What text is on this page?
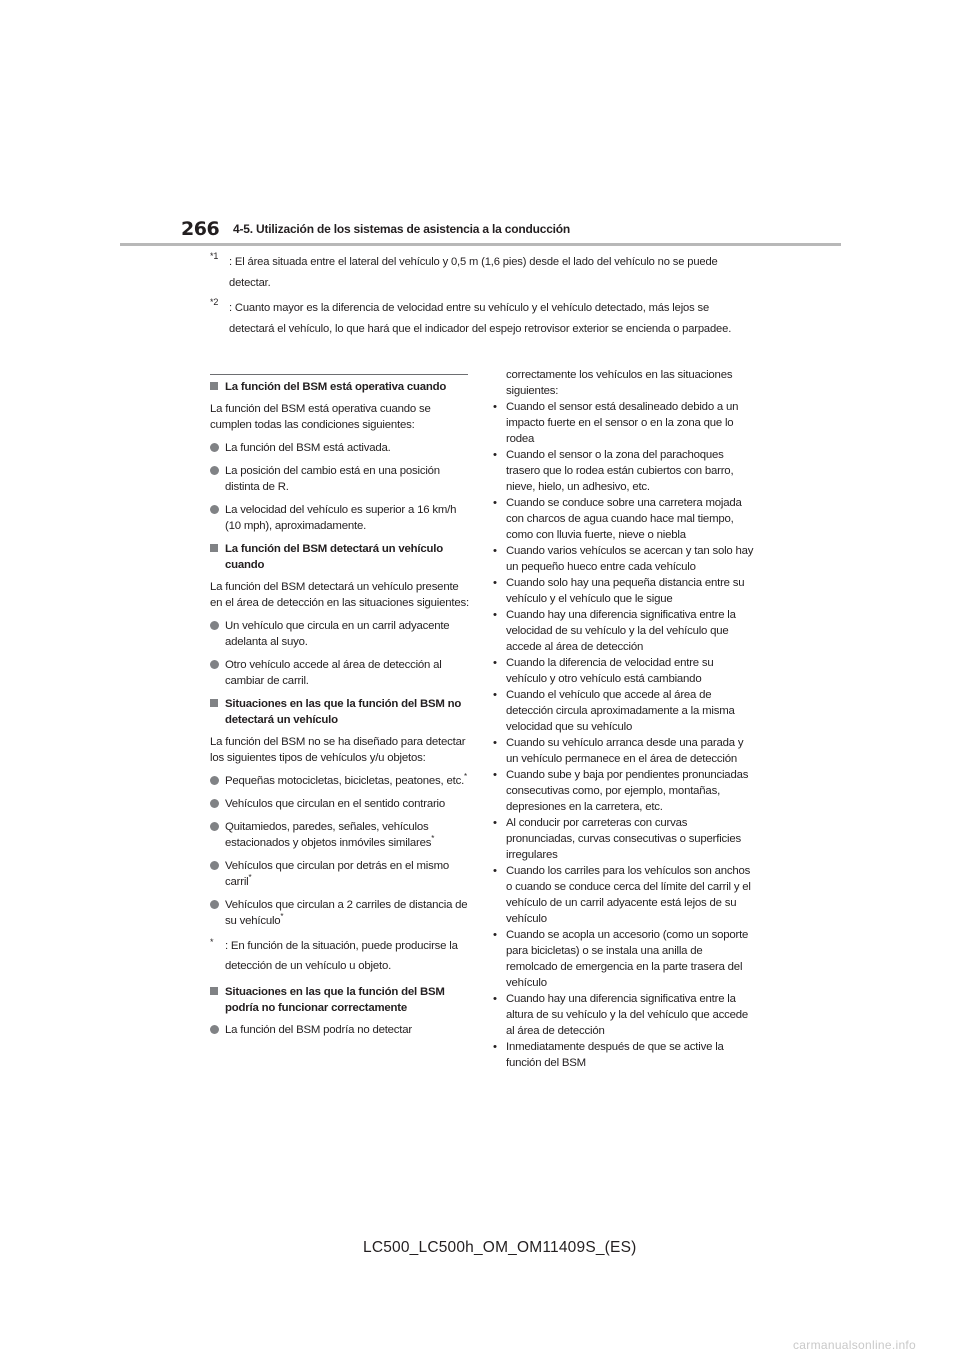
266 4-5. Utilización de los sistemas de asistencia a la conducción
*1 : El área situada entre el lateral del vehículo y 0,5 m (1,6 pies) desde el lado del vehículo no se puede detectar.
*2 : Cuanto mayor es la diferencia de velocidad entre su vehículo y el vehículo detectado, más lejos se detectará el vehículo, lo que hará que el indicador del espejo retrovisor exterior se encienda o parpadee.
La función del BSM está operativa cuando
La función del BSM está operativa cuando se cumplen todas las condiciones siguientes:
La función del BSM está activada.
La posición del cambio está en una posición distinta de R.
La velocidad del vehículo es superior a 16 km/h (10 mph), aproximadamente.
La función del BSM detectará un vehículo cuando
La función del BSM detectará un vehículo presente en el área de detección en las situaciones siguientes:
Un vehículo que circula en un carril adyacente adelanta al suyo.
Otro vehículo accede al área de detección al cambiar de carril.
Situaciones en las que la función del BSM no detectará un vehículo
La función del BSM no se ha diseñado para detectar los siguientes tipos de vehículos y/u objetos:
Pequeñas motocicletas, bicicletas, peatones, etc.*
Vehículos que circulan en el sentido contrario
Quitamiedos, paredes, señales, vehículos estacionados y objetos inmóviles similares*
Vehículos que circulan por detrás en el mismo carril*
Vehículos que circulan a 2 carriles de distancia de su vehículo*
* : En función de la situación, puede producirse la detección de un vehículo u objeto.
Situaciones en las que la función del BSM podría no funcionar correctamente
La función del BSM podría no detectar
correctamente los vehículos en las situaciones siguientes:
• Cuando el sensor está desalineado debido a un impacto fuerte en el sensor o en la zona que lo rodea
• Cuando el sensor o la zona del parachoques trasero que lo rodea están cubiertos con barro, nieve, hielo, un adhesivo, etc.
• Cuando se conduce sobre una carretera mojada con charcos de agua cuando hace mal tiempo, como con lluvia fuerte, nieve o niebla
• Cuando varios vehículos se acercan y tan solo hay un pequeño hueco entre cada vehículo
• Cuando solo hay una pequeña distancia entre su vehículo y el vehículo que le sigue
• Cuando hay una diferencia significativa entre la velocidad de su vehículo y la del vehículo que accede al área de detección
• Cuando la diferencia de velocidad entre su vehículo y otro vehículo está cambiando
• Cuando el vehículo que accede al área de detección circula aproximadamente a la misma velocidad que su vehículo
• Cuando su vehículo arranca desde una parada y un vehículo permanece en el área de detección
• Cuando sube y baja por pendientes pronunciadas consecutivas como, por ejemplo, montañas, depresiones en la carretera, etc.
• Al conducir por carreteras con curvas pronunciadas, curvas consecutivas o superficies irregulares
• Cuando los carriles para los vehículos son anchos o cuando se conduce cerca del límite del carril y el vehículo de un carril adyacente está lejos de su vehículo
• Cuando se acopla un accesorio (como un soporte para bicicletas) o se instala una anilla de remolcado de emergencia en la parte trasera del vehículo
• Cuando hay una diferencia significativa entre la altura de su vehículo y la del vehículo que accede al área de detección
• Inmediatamente después de que se active la función del BSM
LC500_LC500h_OM_OM11409S_(ES)
carmanualsonline.info
